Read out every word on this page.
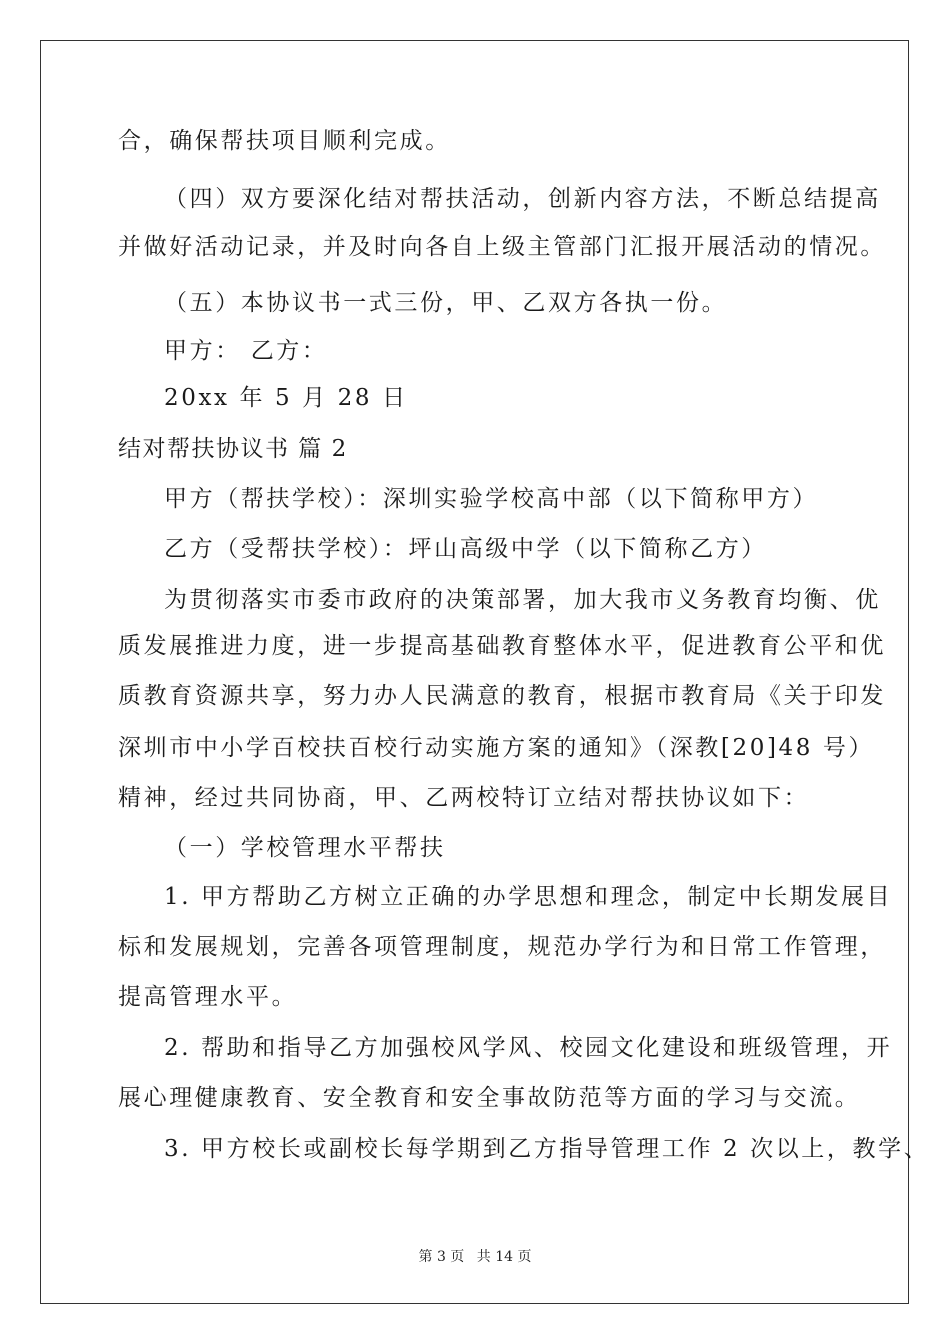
合，确保帮扶项目顺利完成。
（四）双方要深化结对帮扶活动，创新内容方法，不断总结提高
并做好活动记录，并及时向各自上级主管部门汇报开展活动的情况。
（五）本协议书一式三份，甲、乙双方各执一份。
甲方： 乙方：
20xx 年 5 月 28 日
结对帮扶协议书 篇 2
甲方（帮扶学校）：深圳实验学校高中部（以下简称甲方）
乙方（受帮扶学校）：坪山高级中学（以下简称乙方）
为贯彻落实市委市政府的决策部署，加大我市义务教育均衡、优
质发展推进力度，进一步提高基础教育整体水平，促进教育公平和优
质教育资源共享，努力办人民满意的教育，根据市教育局《关于印发
深圳市中小学百校扶百校行动实施方案的通知》（深教[20]48 号）
精神，经过共同协商，甲、乙两校特订立结对帮扶协议如下：
（一）学校管理水平帮扶
1. 甲方帮助乙方树立正确的办学思想和理念，制定中长期发展目
标和发展规划，完善各项管理制度，规范办学行为和日常工作管理，
提高管理水平。
2. 帮助和指导乙方加强校风学风、校园文化建设和班级管理，开
展心理健康教育、安全教育和安全事故防范等方面的学习与交流。
3. 甲方校长或副校长每学期到乙方指导管理工作 2 次以上，教学、
第 3 页 共 14 页
